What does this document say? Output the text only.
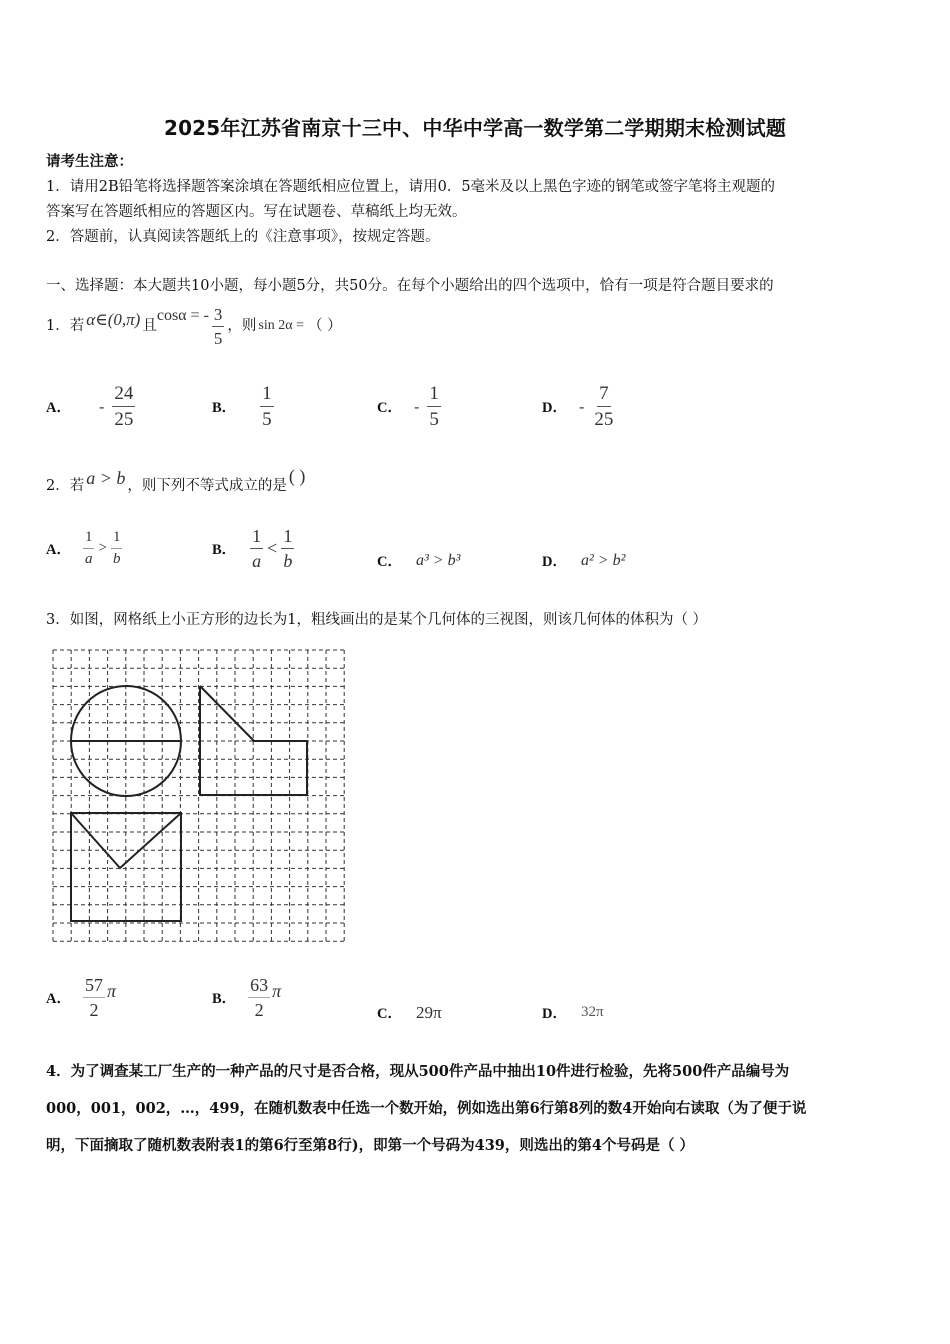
2025年江苏省南京十三中、中华中学高一数学第二学期期末检测试题
请考生注意：
1．请用2B铅笔将选择题答案涂填在答题纸相应位置上，请用0．5毫米及以上黑色字迹的钢笔或签字笔将主观题的
答案写在答题纸相应的答题区内。写在试题卷、草稿纸上均无效。
2．答题前，认真阅读答题纸上的《注意事项》，按规定答题。
一、选择题：本大题共10小题，每小题5分，共50分。在每个小题给出的四个选项中，恰有一项是符合题目要求的
1．若 α∈(0,π) 且
cosα = - $\frac{3}{5}$ ，则 sin 2α = （ ）
A． - $\frac{24}{25}$	B． $\frac{1}{5}$	C． - $\frac{1}{5}$	D． - $\frac{7}{25}$
2．若 a > b ，则下列不等式成立的是 ( )
A． $\frac{1}{a} > \frac{1}{b}$	B． $\frac{1}{a} < \frac{1}{b}$	C． a³ > b³	D． a² > b²
3．如图，网格纸上小正方形的边长为1，粗线画出的是某个几何体的三视图，则该几何体的体积为（ ）
A． $\frac{57}{2}$ π	B． $\frac{63}{2}$ π
C． 29π	D． 32π
4．为了调查某工厂生产的一种产品的尺寸是否合格，现从500件产品中抽出10件进行检验，先将500件产品编号为
000，001，002，…，499，在随机数表中任选一个数开始，例如选出第6行第8列的数4开始向右读取（为了便于说
明，下面摘取了随机数表附表1的第6行至第8行)，即第一个号码为439，则选出的第4个号码是（ ）
